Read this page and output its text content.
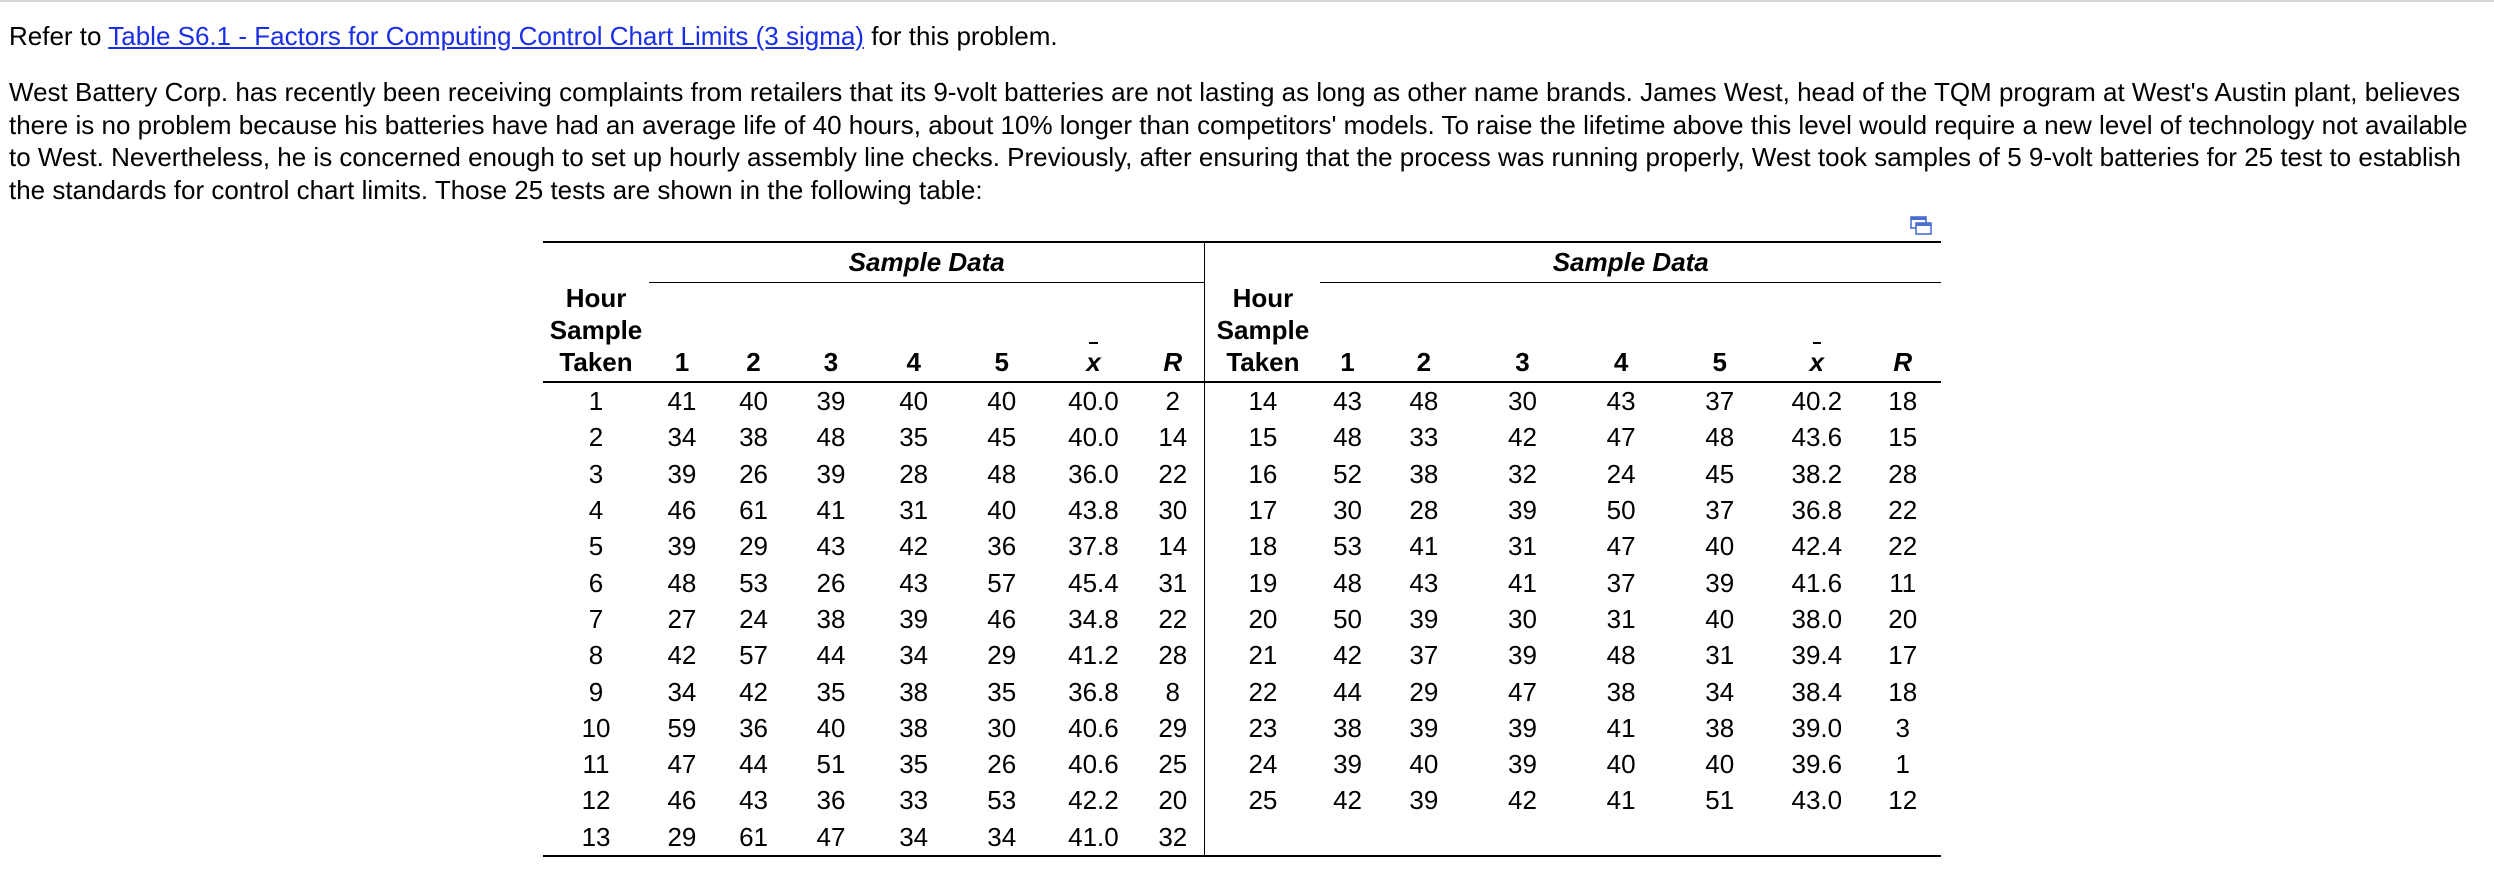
Refer to Table S6.1 - Factors for Computing Control Chart Limits (3 sigma) for this problem.

West Battery Corp. has recently been receiving complaints from retailers that its 9-volt batteries are not lasting as long as other name brands. James West, head of the TQM program at West's Austin plant, believes

there is no problem because his batteries have had an average life of 40 hours, about 10% longer than competitors' models. To raise the lifetime above this level would require a new level of technology not available

to West. Nevertheless, he is concerned enough to set up hourly assembly line checks. Previously, after ensuring that the process was running properly, West took samples of 5 9-volt batteries for 25 test to establish

the standards for control chart limits. Those 25 tests are shown in the following table:

	Sample Data								Sample Data						
Hour
Sample
Taken	1	2	3	4	5	x	R	Hour
Sample
Taken	1	2	3	4	5	x	R
1	41	40	39	40	40	40.0	2	14	43	48	30	43	37	40.2	18
2	34	38	48	35	45	40.0	14	15	48	33	42	47	48	43.6	15
3	39	26	39	28	48	36.0	22	16	52	38	32	24	45	38.2	28
4	46	61	41	31	40	43.8	30	17	30	28	39	50	37	36.8	22
5	39	29	43	42	36	37.8	14	18	53	41	31	47	40	42.4	22
6	48	53	26	43	57	45.4	31	19	48	43	41	37	39	41.6	11
7	27	24	38	39	46	34.8	22	20	50	39	30	31	40	38.0	20
8	42	57	44	34	29	41.2	28	21	42	37	39	48	31	39.4	17
9	34	42	35	38	35	36.8	8	22	44	29	47	38	34	38.4	18
10	59	36	40	38	30	40.6	29	23	38	39	39	41	38	39.0	3
11	47	44	51	35	26	40.6	25	24	39	40	39	40	40	39.6	1
12	46	43	36	33	53	42.2	20	25	42	39	42	41	51	43.0	12
13	29	61	47	34	34	41.0	32								
